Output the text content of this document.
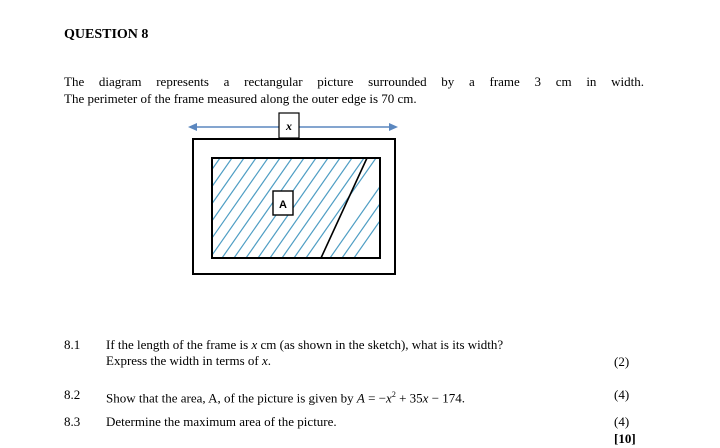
QUESTION 8
The diagram represents a rectangular picture surrounded by a frame 3 cm in width.
The perimeter of the frame measured along the outer edge is 70 cm.
x
A
8.1 If the length of the frame is x cm (as shown in the sketch), what is its width?
Express the width in terms of x.	(2)
8.2 Show that the area, A, of the picture is given by $A = -x^2 + 35x - 174$.	(4)
8.3 Determine the maximum area of the picture.	(4)
[10]
